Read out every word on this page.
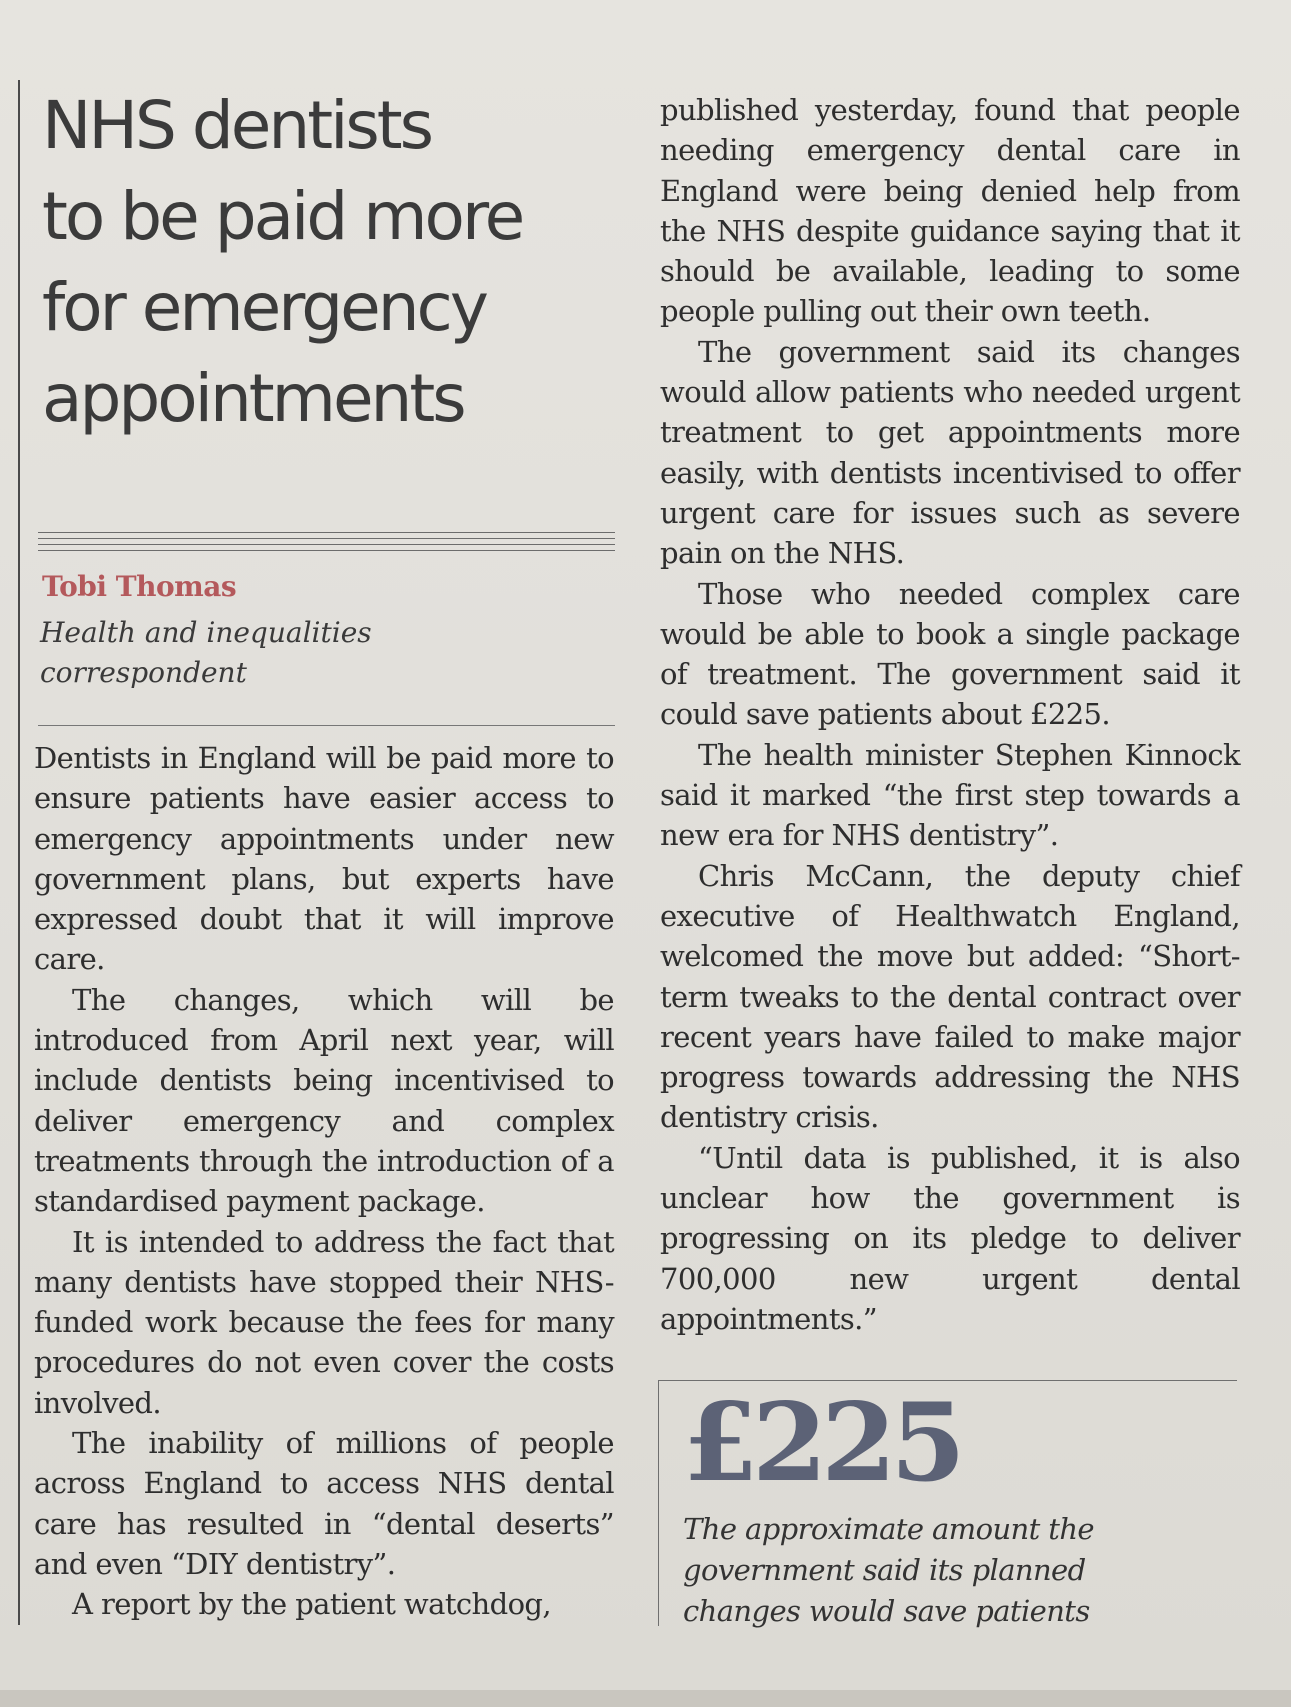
NHS dentists
to be paid more
for emergency
appointments
Tobi Thomas
Health and inequalities
correspondent

Dentists in England will be paid more to ensure patients have easier access to emergency appointments under new government plans, but experts have expressed doubt that it will improve care.

The changes, which will be introduced from April next year, will include dentists being incentivised to deliver emergency and complex treatments through the introduction of a standardised payment package.

It is intended to address the fact that many dentists have stopped their NHS-funded work because the fees for many procedures do not even cover the costs involved.

The inability of millions of people across England to access NHS dental care has resulted in “dental deserts” and even “DIY dentistry”.

A report by the patient watchdog,

published yesterday, found that people needing emergency dental care in England were being denied help from the NHS despite guidance saying that it should be available, leading to some people pulling out their own teeth.

The government said its changes would allow patients who needed urgent treatment to get appointments more easily, with dentists incentivised to offer urgent care for issues such as severe pain on the NHS.

Those who needed complex care would be able to book a single package of treatment. The government said it could save patients about £225.

The health minister Stephen Kinnock said it marked “the first step towards a new era for NHS dentistry”.

Chris McCann, the deputy chief executive of Healthwatch England, welcomed the move but added: “Short-term tweaks to the dental contract over recent years have failed to make major progress towards addressing the NHS dentistry crisis.

“Until data is published, it is also unclear how the government is progressing on its pledge to deliver 700,000 new urgent dental appointments.”

£225
The approximate amount the
government said its planned
changes would save patients
